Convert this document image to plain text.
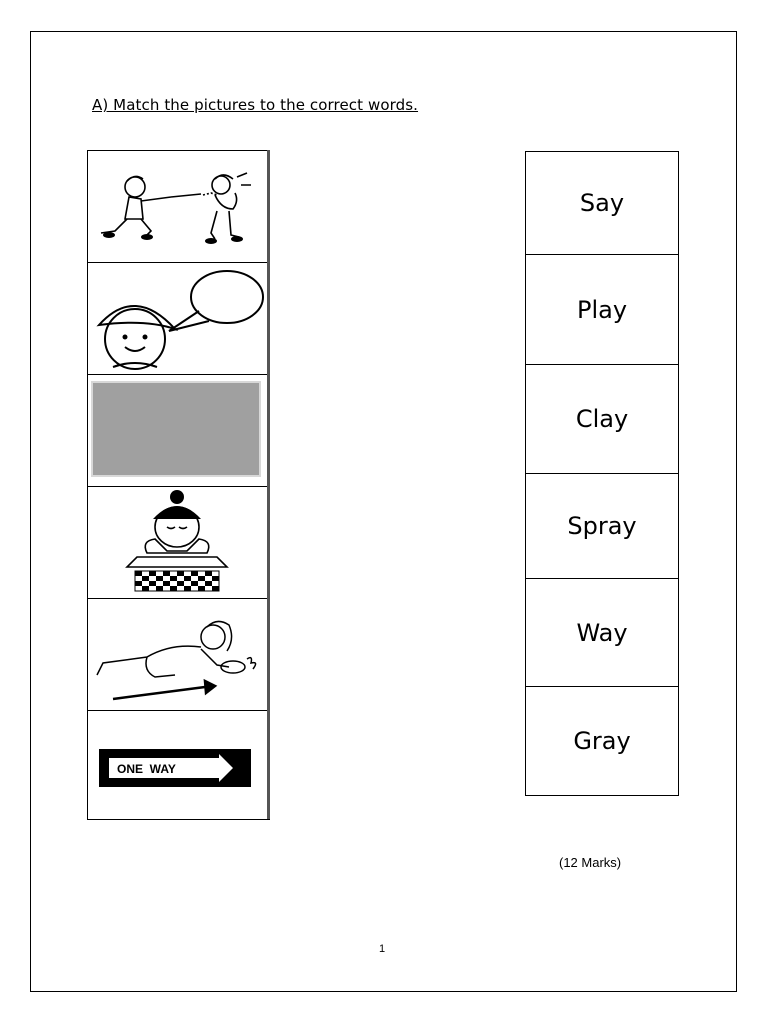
A) Match the pictures to the correct words.
ONE  WAY
Say
Play
Clay
Spray
Way
Gray
(12 Marks)
1
